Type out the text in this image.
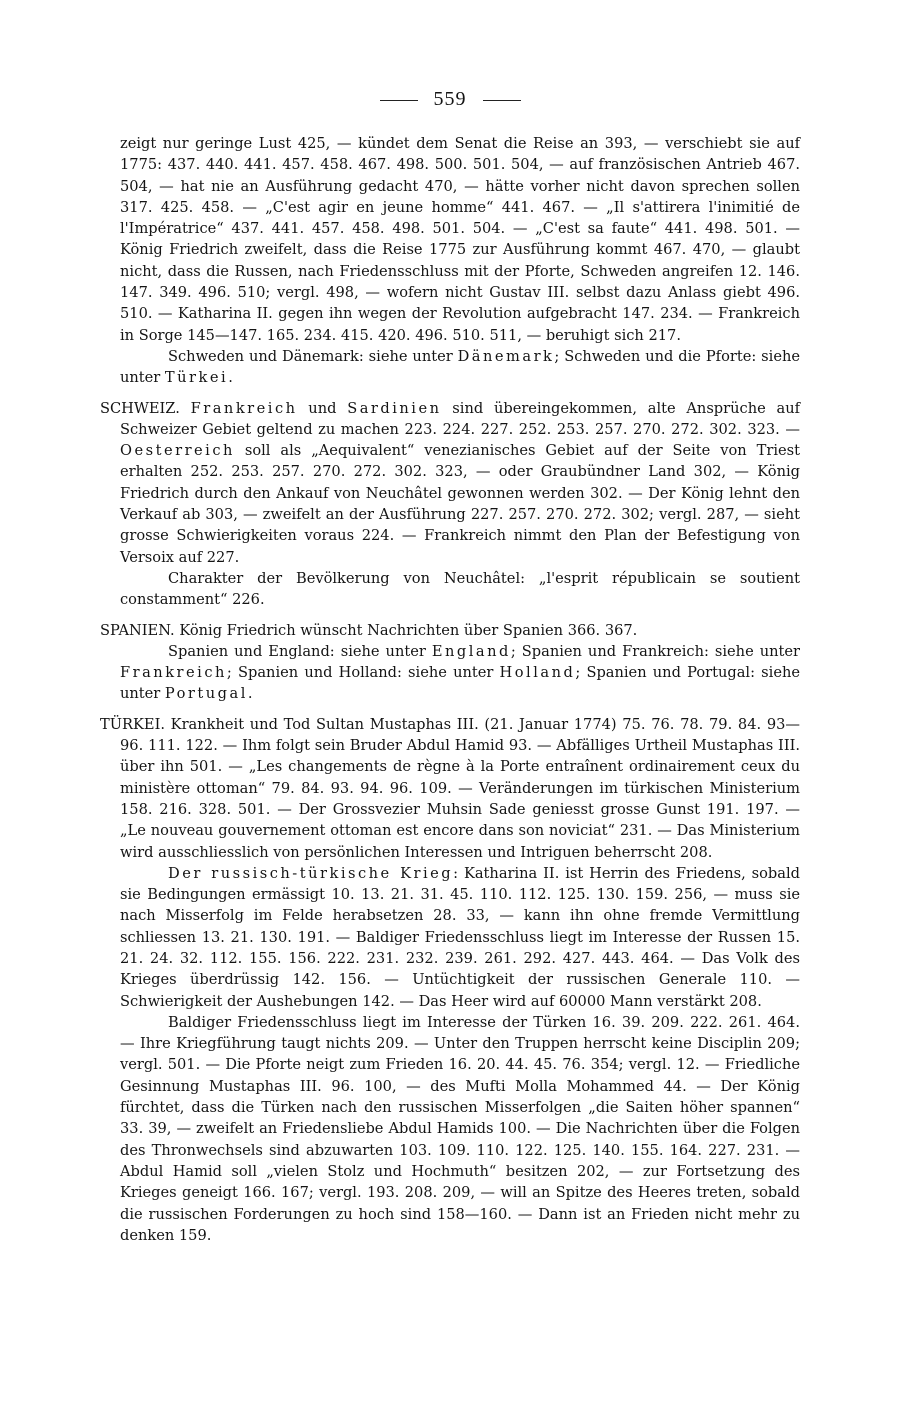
559

zeigt nur geringe Lust 425, — kündet dem Senat die Reise an 393, — verschiebt sie auf 1775: 437. 440. 441. 457. 458. 467. 498. 500. 501. 504, — auf französischen Antrieb 467. 504, — hat nie an Ausführung gedacht 470, — hätte vorher nicht davon sprechen sollen 317. 425. 458. — „C'est agir en jeune homme“ 441. 467. — „Il s'attirera l'inimitié de l'Impératrice“ 437. 441. 457. 458. 498. 501. 504. — „C'est sa faute“ 441. 498. 501. — König Friedrich zweifelt, dass die Reise 1775 zur Ausführung kommt 467. 470, — glaubt nicht, dass die Russen, nach Friedensschluss mit der Pforte, Schweden angreifen 12. 146. 147. 349. 496. 510; vergl. 498, — wofern nicht Gustav III. selbst dazu Anlass giebt 496. 510. — Katharina II. gegen ihn wegen der Revolution aufgebracht 147. 234. — Frankreich in Sorge 145—147. 165. 234. 415. 420. 496. 510. 511, — beruhigt sich 217.

Schweden und Dänemark: siehe unter Dänemark; Schweden und die Pforte: siehe unter Türkei.

SCHWEIZ. Frankreich und Sardinien sind übereingekommen, alte Ansprüche auf Schweizer Gebiet geltend zu machen 223. 224. 227. 252. 253. 257. 270. 272. 302. 323. — Oesterreich soll als „Aequivalent“ venezianisches Gebiet auf der Seite von Triest erhalten 252. 253. 257. 270. 272. 302. 323, — oder Graubündner Land 302, — König Friedrich durch den Ankauf von Neuchâtel gewonnen werden 302. — Der König lehnt den Verkauf ab 303, — zweifelt an der Ausführung 227. 257. 270. 272. 302; vergl. 287, — sieht grosse Schwierigkeiten voraus 224. — Frankreich nimmt den Plan der Befestigung von Versoix auf 227.

Charakter der Bevölkerung von Neuchâtel: „l'esprit républicain se soutient constamment“ 226.

SPANIEN. König Friedrich wünscht Nachrichten über Spanien 366. 367.

Spanien und England: siehe unter England; Spanien und Frankreich: siehe unter Frankreich; Spanien und Holland: siehe unter Holland; Spanien und Portugal: siehe unter Portugal.

TÜRKEI. Krankheit und Tod Sultan Mustaphas III. (21. Januar 1774) 75. 76. 78. 79. 84. 93—96. 111. 122. — Ihm folgt sein Bruder Abdul Hamid 93. — Abfälliges Urtheil Mustaphas III. über ihn 501. — „Les changements de règne à la Porte entraînent ordinairement ceux du ministère ottoman“ 79. 84. 93. 94. 96. 109. — Veränderungen im türkischen Ministerium 158. 216. 328. 501. — Der Grossvezier Muhsin Sade geniesst grosse Gunst 191. 197. — „Le nouveau gouvernement ottoman est encore dans son noviciat“ 231. — Das Ministerium wird ausschliesslich von persönlichen Interessen und Intriguen beherrscht 208.

Der russisch-türkische Krieg: Katharina II. ist Herrin des Friedens, sobald sie Bedingungen ermässigt 10. 13. 21. 31. 45. 110. 112. 125. 130. 159. 256, — muss sie nach Misserfolg im Felde herabsetzen 28. 33, — kann ihn ohne fremde Vermittlung schliessen 13. 21. 130. 191. — Baldiger Friedensschluss liegt im Interesse der Russen 15. 21. 24. 32. 112. 155. 156. 222. 231. 232. 239. 261. 292. 427. 443. 464. — Das Volk des Krieges überdrüssig 142. 156. — Untüchtigkeit der russischen Generale 110. — Schwierigkeit der Aushebungen 142. — Das Heer wird auf 60000 Mann verstärkt 208.

Baldiger Friedensschluss liegt im Interesse der Türken 16. 39. 209. 222. 261. 464. — Ihre Kriegführung taugt nichts 209. — Unter den Truppen herrscht keine Disciplin 209; vergl. 501. — Die Pforte neigt zum Frieden 16. 20. 44. 45. 76. 354; vergl. 12. — Friedliche Gesinnung Mustaphas III. 96. 100, — des Mufti Molla Mohammed 44. — Der König fürchtet, dass die Türken nach den russischen Misserfolgen „die Saiten höher spannen“ 33. 39, — zweifelt an Friedensliebe Abdul Hamids 100. — Die Nachrichten über die Folgen des Thronwechsels sind abzuwarten 103. 109. 110. 122. 125. 140. 155. 164. 227. 231. — Abdul Hamid soll „vielen Stolz und Hochmuth“ besitzen 202, — zur Fortsetzung des Krieges geneigt 166. 167; vergl. 193. 208. 209, — will an Spitze des Heeres treten, sobald die russischen Forderungen zu hoch sind 158—160. — Dann ist an Frieden nicht mehr zu denken 159.
